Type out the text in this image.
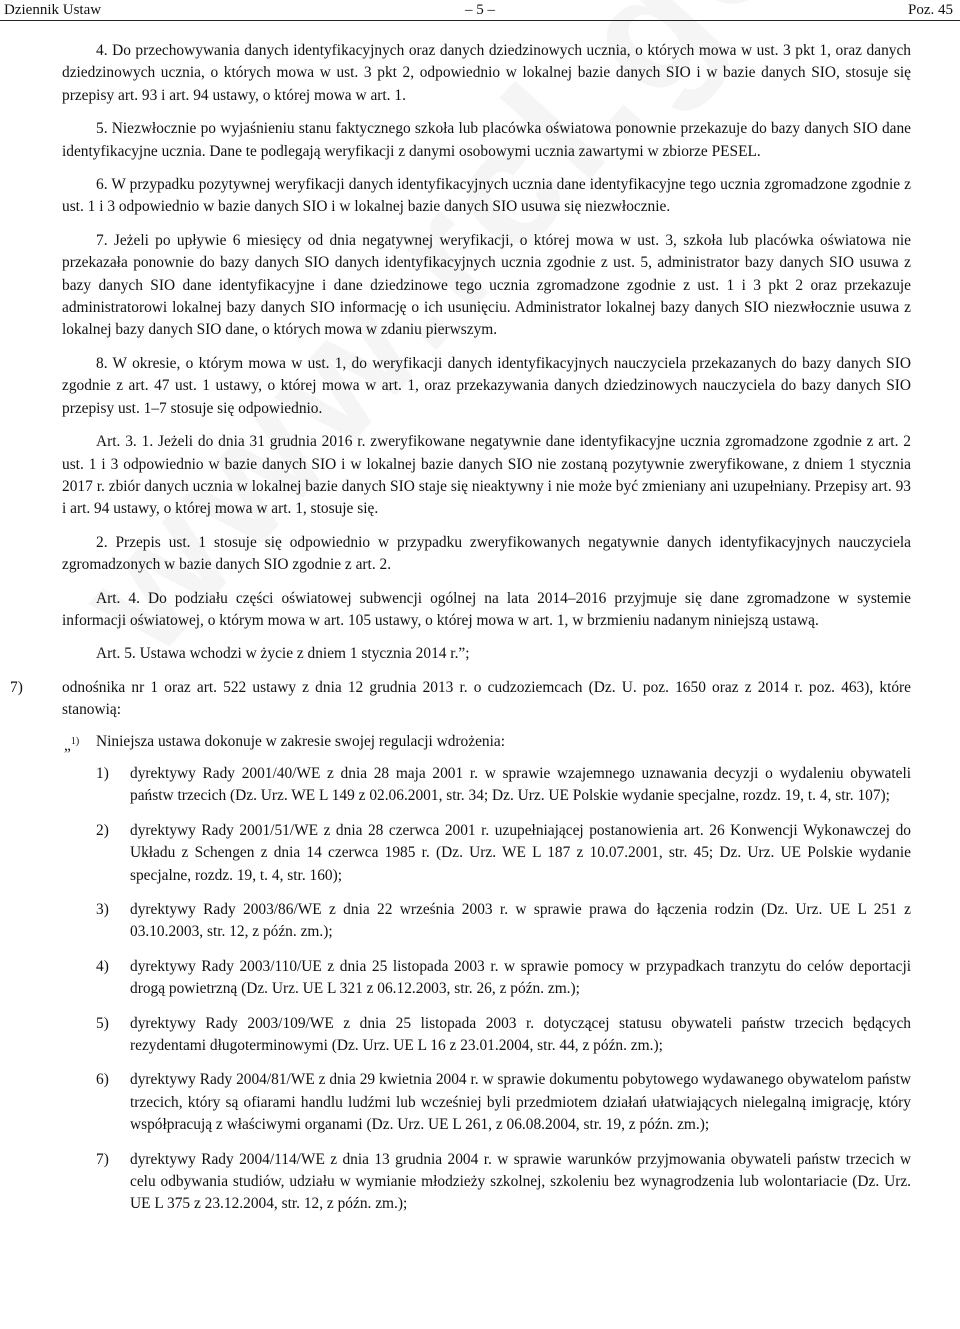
Dziennik Ustaw	– 5 –	Poz. 45

4. Do przechowywania danych identyfikacyjnych oraz danych dziedzinowych ucznia, o których mowa w ust. 3 pkt 1, oraz danych dziedzinowych ucznia, o których mowa w ust. 3 pkt 2, odpowiednio w lokalnej bazie danych SIO i w bazie danych SIO, stosuje się przepisy art. 93 i art. 94 ustawy, o której mowa w art. 1.

5. Niezwłocznie po wyjaśnieniu stanu faktycznego szkoła lub placówka oświatowa ponownie przekazuje do bazy danych SIO dane identyfikacyjne ucznia. Dane te podlegają weryfikacji z danymi osobowymi ucznia zawartymi w zbiorze PESEL.

6. W przypadku pozytywnej weryfikacji danych identyfikacyjnych ucznia dane identyfikacyjne tego ucznia zgromadzone zgodnie z ust. 1 i 3 odpowiednio w bazie danych SIO i w lokalnej bazie danych SIO usuwa się niezwłocznie.

7. Jeżeli po upływie 6 miesięcy od dnia negatywnej weryfikacji, o której mowa w ust. 3, szkoła lub placówka oświatowa nie przekazała ponownie do bazy danych SIO danych identyfikacyjnych ucznia zgodnie z ust. 5, administrator bazy danych SIO usuwa z bazy danych SIO dane identyfikacyjne i dane dziedzinowe tego ucznia zgromadzone zgodnie z ust. 1 i 3 pkt 2 oraz przekazuje administratorowi lokalnej bazy danych SIO informację o ich usunięciu. Administrator lokalnej bazy danych SIO niezwłocznie usuwa z lokalnej bazy danych SIO dane, o których mowa w zdaniu pierwszym.

8. W okresie, o którym mowa w ust. 1, do weryfikacji danych identyfikacyjnych nauczyciela przekazanych do bazy danych SIO zgodnie z art. 47 ust. 1 ustawy, o której mowa w art. 1, oraz przekazywania danych dziedzinowych nauczyciela do bazy danych SIO przepisy ust. 1–7 stosuje się odpowiednio.

Art. 3. 1. Jeżeli do dnia 31 grudnia 2016 r. zweryfikowane negatywnie dane identyfikacyjne ucznia zgromadzone zgodnie z art. 2 ust. 1 i 3 odpowiednio w bazie danych SIO i w lokalnej bazie danych SIO nie zostaną pozytywnie zweryfikowane, z dniem 1 stycznia 2017 r. zbiór danych ucznia w lokalnej bazie danych SIO staje się nieaktywny i nie może być zmieniany ani uzupełniany. Przepisy art. 93 i art. 94 ustawy, o której mowa w art. 1, stosuje się.

2. Przepis ust. 1 stosuje się odpowiednio w przypadku zweryfikowanych negatywnie danych identyfikacyjnych nauczyciela zgromadzonych w bazie danych SIO zgodnie z art. 2.

Art. 4. Do podziału części oświatowej subwencji ogólnej na lata 2014–2016 przyjmuje się dane zgromadzone w systemie informacji oświatowej, o którym mowa w art. 105 ustawy, o której mowa w art. 1, w brzmieniu nadanym niniejszą ustawą.

Art. 5. Ustawa wchodzi w życie z dniem 1 stycznia 2014 r.”;

7)	odnośnika nr 1 oraz art. 522 ustawy z dnia 12 grudnia 2013 r. o cudzoziemcach (Dz. U. poz. 1650 oraz z 2014 r. poz. 463), które stanowią:

„$^{1)}$ Niniejsza ustawa dokonuje w zakresie swojej regulacji wdrożenia:

1) dyrektywy Rady 2001/40/WE z dnia 28 maja 2001 r. w sprawie wzajemnego uznawania decyzji o wydaleniu obywateli państw trzecich (Dz. Urz. WE L 149 z 02.06.2001, str. 34; Dz. Urz. UE Polskie wydanie specjalne, rozdz. 19, t. 4, str. 107);
2) dyrektywy Rady 2001/51/WE z dnia 28 czerwca 2001 r. uzupełniającej postanowienia art. 26 Konwencji Wykonawczej do Układu z Schengen z dnia 14 czerwca 1985 r. (Dz. Urz. WE L 187 z 10.07.2001, str. 45; Dz. Urz. UE Polskie wydanie specjalne, rozdz. 19, t. 4, str. 160);
3) dyrektywy Rady 2003/86/WE z dnia 22 września 2003 r. w sprawie prawa do łączenia rodzin (Dz. Urz. UE L 251 z 03.10.2003, str. 12, z późn. zm.);
4) dyrektywy Rady 2003/110/UE z dnia 25 listopada 2003 r. w sprawie pomocy w przypadkach tranzytu do celów deportacji drogą powietrzną (Dz. Urz. UE L 321 z 06.12.2003, str. 26, z późn. zm.);
5) dyrektywy Rady 2003/109/WE z dnia 25 listopada 2003 r. dotyczącej statusu obywateli państw trzecich będących rezydentami długoterminowymi (Dz. Urz. UE L 16 z 23.01.2004, str. 44, z późn. zm.);
6) dyrektywy Rady 2004/81/WE z dnia 29 kwietnia 2004 r. w sprawie dokumentu pobytowego wydawanego obywatelom państw trzecich, który są ofiarami handlu ludźmi lub wcześniej byli przedmiotem działań ułatwiających nielegalną imigrację, który współpracują z właściwymi organami (Dz. Urz. UE L 261, z 06.08.2004, str. 19, z późn. zm.);
7) dyrektywy Rady 2004/114/WE z dnia 13 grudnia 2004 r. w sprawie warunków przyjmowania obywateli państw trzecich w celu odbywania studiów, udziału w wymianie młodzieży szkolnej, szkoleniu bez wynagrodzenia lub wolontariacie (Dz. Urz. UE L 375 z 23.12.2004, str. 12, z późn. zm.);
